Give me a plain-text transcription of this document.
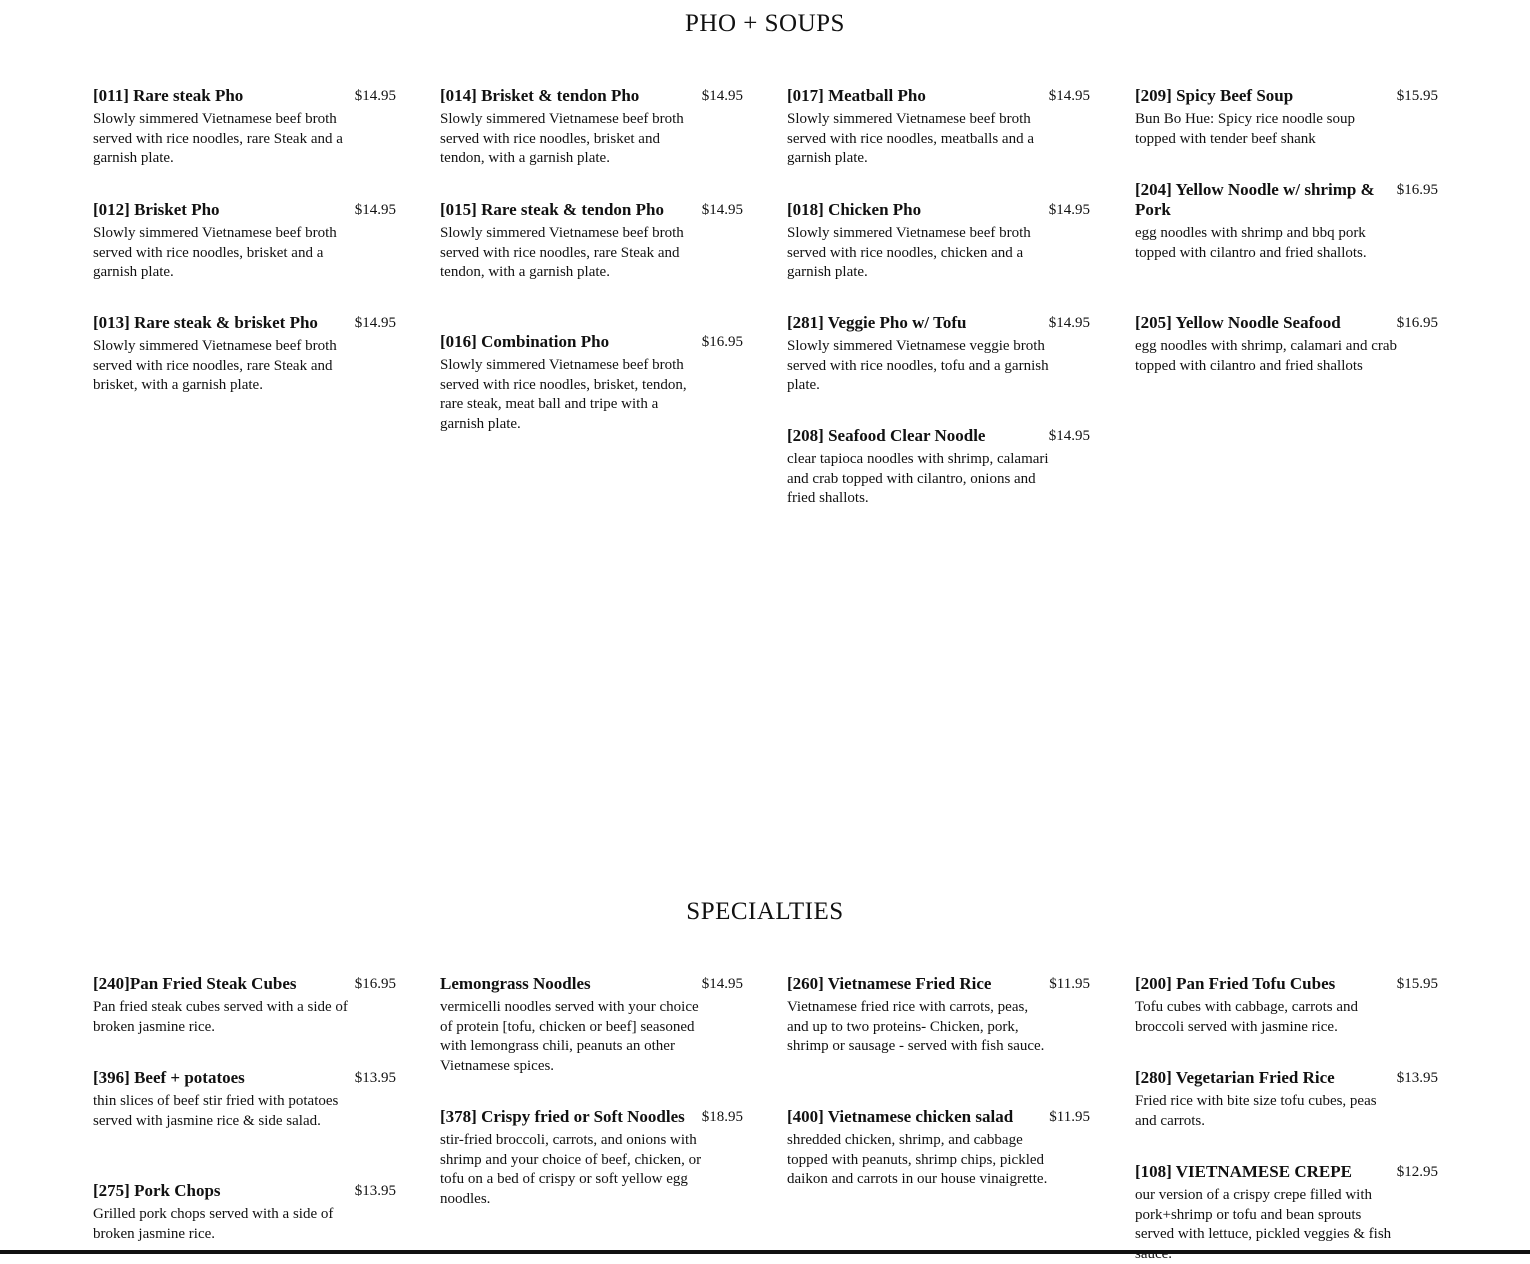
PHO + SOUPS
[011] Rare steak Pho	$14.95
Slowly simmered Vietnamese beef broth served with rice noodles, rare Steak and a garnish plate.
[012] Brisket Pho	$14.95
Slowly simmered Vietnamese beef broth served with rice noodles, brisket and a garnish plate.
[013] Rare steak & brisket Pho	$14.95
Slowly simmered Vietnamese beef broth served with rice noodles, rare Steak and brisket, with a garnish plate.
[014] Brisket & tendon Pho	$14.95
Slowly simmered Vietnamese beef broth served with rice noodles, brisket and tendon, with a garnish plate.
[015] Rare steak & tendon Pho	$14.95
Slowly simmered Vietnamese beef broth served with rice noodles, rare Steak and tendon, with a garnish plate.
[016] Combination Pho	$16.95
Slowly simmered Vietnamese beef broth served with rice noodles, brisket, tendon, rare steak, meat ball and tripe with a garnish plate.
[017] Meatball Pho	$14.95
Slowly simmered Vietnamese beef broth served with rice noodles, meatballs and a garnish plate.
[018] Chicken Pho	$14.95
Slowly simmered Vietnamese beef broth served with rice noodles, chicken and a garnish plate.
[281] Veggie Pho w/ Tofu	$14.95
Slowly simmered Vietnamese veggie broth served with rice noodles, tofu and a garnish plate.
[208] Seafood Clear Noodle	$14.95
clear tapioca noodles with shrimp, calamari and crab topped with cilantro, onions and fried shallots.
[209] Spicy Beef Soup	$15.95
Bun Bo Hue: Spicy rice noodle soup topped with tender beef shank
[204] Yellow Noodle w/ shrimp & Pork
$16.95
egg noodles with shrimp and bbq pork topped with cilantro and fried shallots.
[205] Yellow Noodle Seafood	$16.95
egg noodles with shrimp, calamari and crab topped with cilantro and fried shallots
SPECIALTIES
[240]Pan Fried Steak Cubes	$16.95
Pan fried steak cubes served with a side of broken jasmine rice.
[396] Beef + potatoes	$13.95
thin slices of beef stir fried with potatoes served with jasmine rice & side salad.
[275] Pork Chops	$13.95
Grilled pork chops served with a side of broken jasmine rice.
Lemongrass Noodles	$14.95
vermicelli noodles served with your choice of protein [tofu, chicken or beef] seasoned with lemongrass chili, peanuts an other Vietnamese spices.
[378] Crispy fried or Soft Noodles	$18.95
stir-fried broccoli, carrots, and onions with shrimp and your choice of beef, chicken, or tofu on a bed of crispy or soft yellow egg noodles.
[260] Vietnamese Fried Rice	$11.95
Vietnamese fried rice with carrots, peas, and up to two proteins- Chicken, pork, shrimp or sausage - served with fish sauce.
[400] Vietnamese chicken salad	$11.95
shredded chicken, shrimp, and cabbage topped with peanuts, shrimp chips, pickled daikon and carrots in our house vinaigrette.
[200] Pan Fried Tofu Cubes	$15.95
Tofu cubes with cabbage, carrots and broccoli served with jasmine rice.
[280] Vegetarian Fried Rice	$13.95
Fried rice with bite size tofu cubes, peas and carrots.
[108] VIETNAMESE CREPE	$12.95
our version of a crispy crepe filled with pork+shrimp or tofu and bean sprouts served with lettuce, pickled veggies & fish
